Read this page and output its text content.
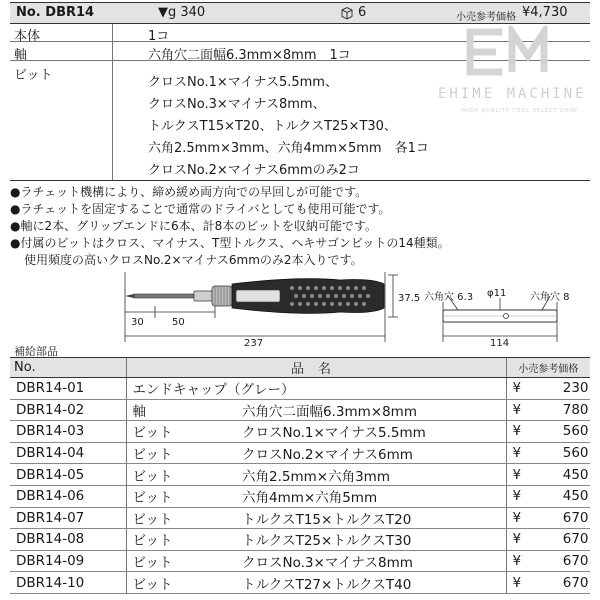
No. DBR14	▼g 340	6	小売参考価格 ¥4,730
本体	1コ
軸	六角穴二面幅6.3mm×8mm　1コ
ビット	クロスNo.1×マイナス5.5mm、
クロスNo.3×マイナス8mm、
トルクスT15×T20、トルクスT25×T30、
六角2.5mm×3mm、六角4mm×5mm　各1コ
クロスNo.2×マイナス6mmのみ2コ
EHIME MACHINE
HIGH QUALITY TOOL SELECT SHOP
●ラチェット機構により、締め緩め両方向での早回しが可能です。
●ラチェットを固定することで通常のドライバとしても使用可能です。
●軸に2本、グリップエンドに6本、計8本のビットを収納可能です。
●付属のビットはクロス、マイナス、T型トルクス、ヘキサゴンビットの14種類。
使用頻度の高いクロスNo.2×マイナス6mmのみ2本入りです。
30	50
237
37.5 六角穴 6.3 φ11 六角穴 8
114
補給部品
No.	品名		小売参考価格
DBR14-01	エンドキャップ（グレー）		¥ 230
DBR14-02	軸	六角穴二面幅6.3mm×8mm	¥ 780
DBR14-03	ビット	クロスNo.1×マイナス5.5mm	¥ 560
DBR14-04	ビット	クロスNo.2×マイナス6mm	¥ 560
DBR14-05	ビット	六角2.5mm×六角3mm	¥ 450
DBR14-06	ビット	六角4mm×六角5mm	¥ 450
DBR14-07	ビット	トルクスT15×トルクスT20	¥ 670
DBR14-08	ビット	トルクスT25×トルクスT30	¥ 670
DBR14-09	ビット	クロスNo.3×マイナス8mm	¥ 670
DBR14-10	ビット	トルクスT27×トルクスT40	¥ 670
